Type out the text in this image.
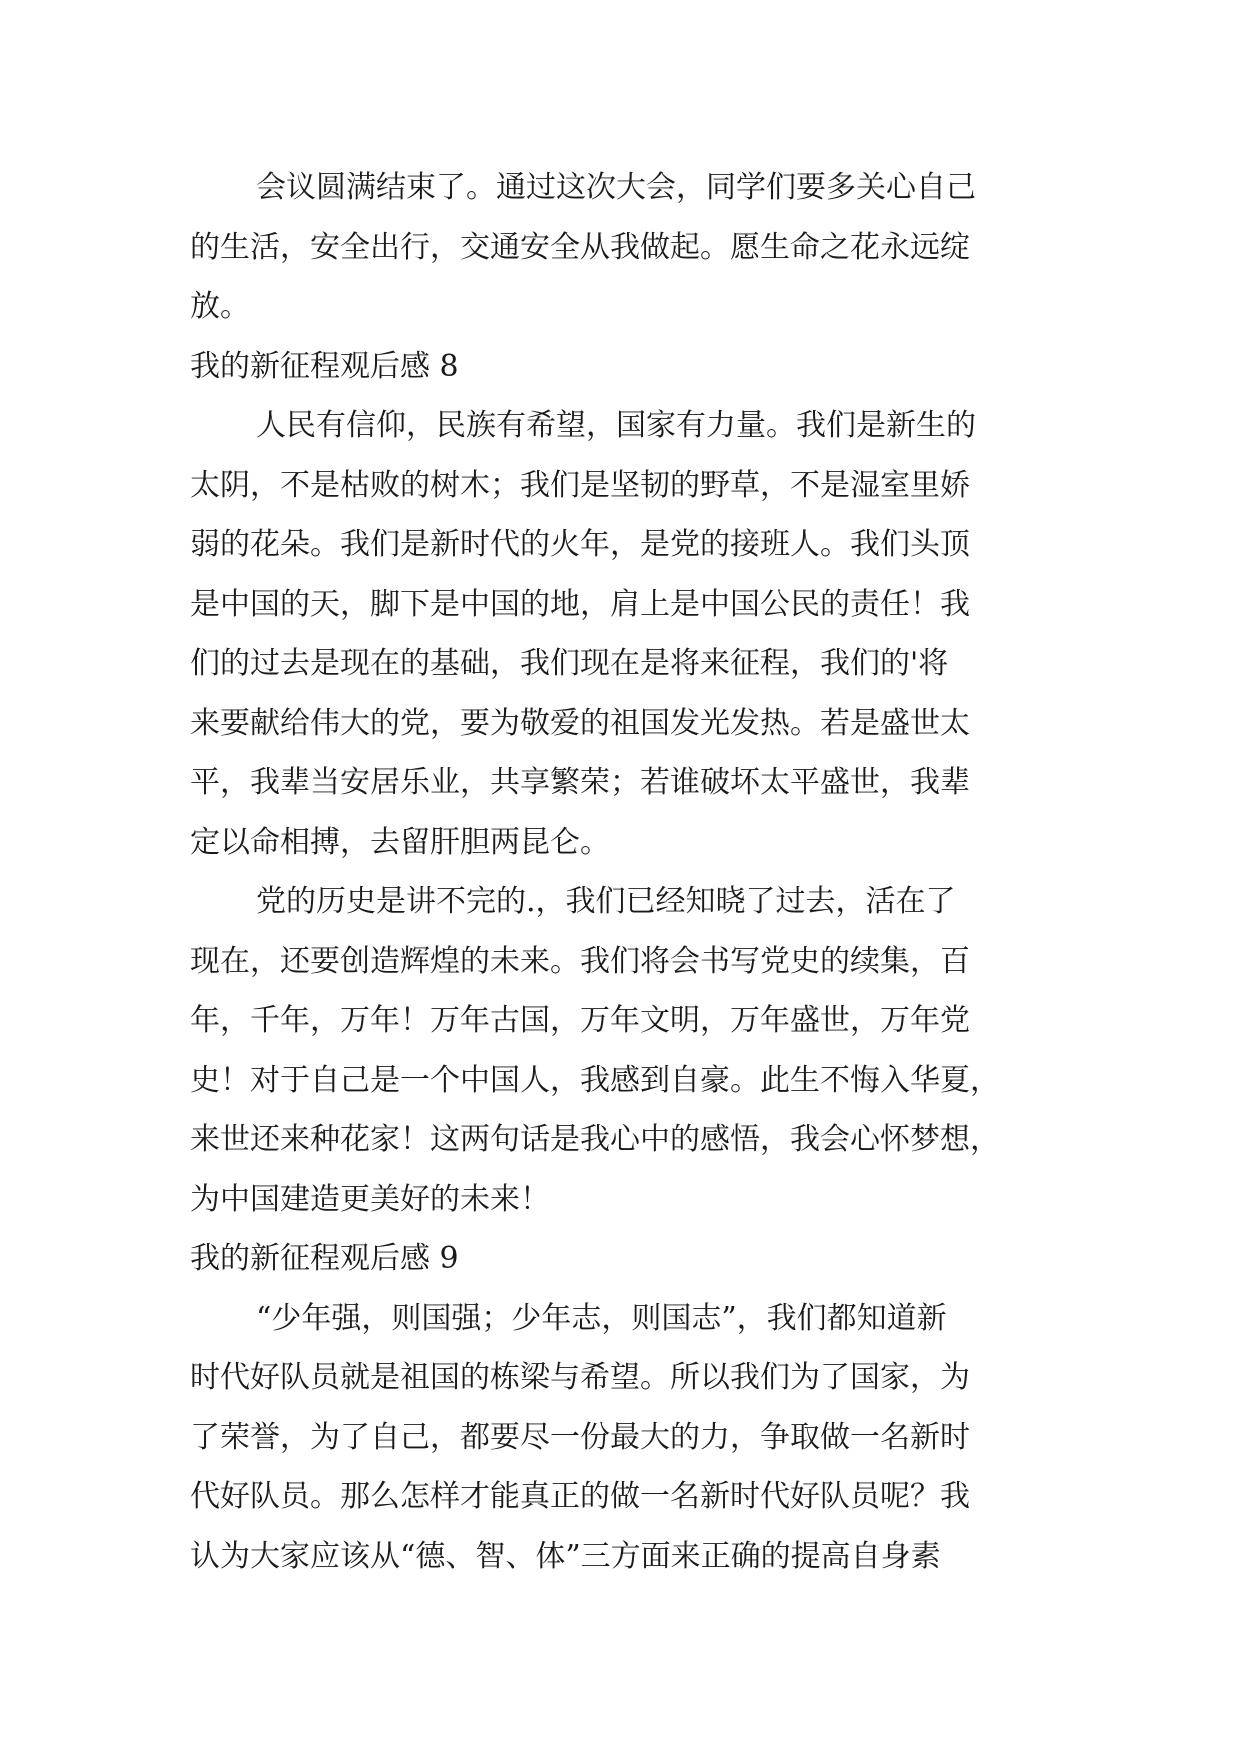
会议圆满结束了。通过这次大会，同学们要多关心自己
的生活，安全出行，交通安全从我做起。愿生命之花永远绽
放。
我的新征程观后感 8
人民有信仰，民族有希望，国家有力量。我们是新生的
太阴，不是枯败的树木；我们是坚韧的野草，不是湿室里娇
弱的花朵。我们是新时代的火年，是党的接班人。我们头顶
是中国的天，脚下是中国的地，肩上是中国公民的责任！我
们的过去是现在的基础，我们现在是将来征程，我们的'将
来要献给伟大的党，要为敬爱的祖国发光发热。若是盛世太
平，我辈当安居乐业，共享繁荣；若谁破坏太平盛世，我辈
定以命相搏，去留肝胆两昆仑。
党的历史是讲不完的.，我们已经知晓了过去，活在了
现在，还要创造辉煌的未来。我们将会书写党史的续集，百
年，千年，万年！万年古国，万年文明，万年盛世，万年党
史！对于自己是一个中国人，我感到自豪。此生不悔入华夏，
来世还来种花家！这两句话是我心中的感悟，我会心怀梦想，
为中国建造更美好的未来！
我的新征程观后感 9
“少年强，则国强；少年志，则国志”，我们都知道新
时代好队员就是祖国的栋梁与希望。所以我们为了国家，为
了荣誉，为了自己，都要尽一份最大的力，争取做一名新时
代好队员。那么怎样才能真正的做一名新时代好队员呢？我
认为大家应该从“德、智、体”三方面来正确的提高自身素
